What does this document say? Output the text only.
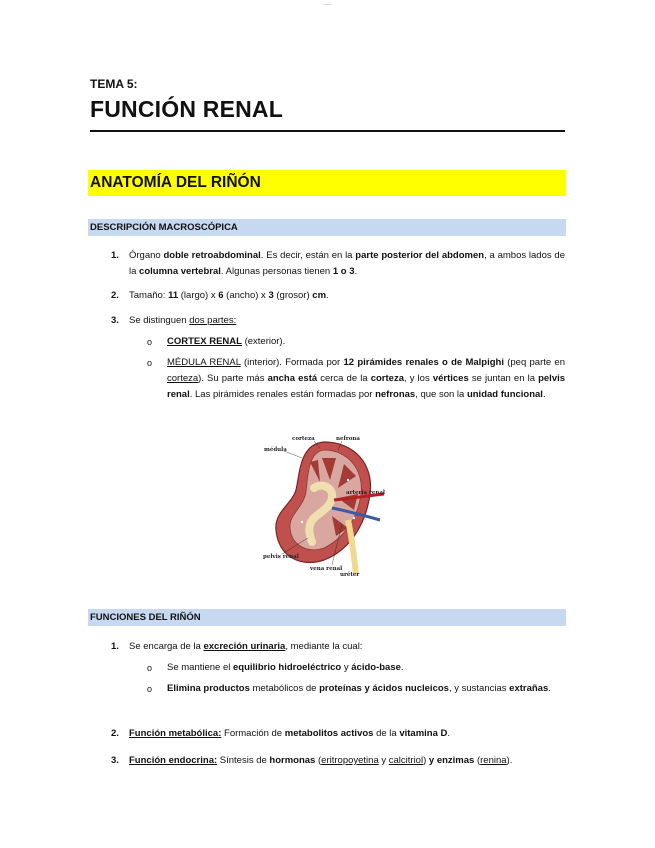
___
TEMA 5:
FUNCIÓN RENAL
ANATOMÍA DEL RIÑÓN
DESCRIPCIÓN MACROSCÓPICA
1. Órgano doble retroabdominal. Es decir, están en la parte posterior del abdomen, a ambos lados de la columna vertebral. Algunas personas tienen 1 o 3.
2. Tamaño: 11 (largo) x 6 (ancho) x 3 (grosor) cm.
3. Se distinguen dos partes:
o CORTEX RENAL (exterior).
o MÉDULA RENAL (interior). Formada por 12 pirámides renales o de Malpighi (peq parte en corteza). Su parte más ancha está cerca de la corteza, y los vértices se juntan en la pelvis renal. Las pirámides renales están formadas por nefronas, que son la unidad funcional.
corteza	nefrona
médula
arteria renal
pelvis renal
vena renal
uréter
FUNCIONES DEL RIÑÓN
1. Se encarga de la excreción urinaria, mediante la cual:
o Se mantiene el equilibrio hidroeléctrico y ácido-base.
o Elimina productos metabólicos de proteínas y ácidos nucleicos, y sustancias extrañas.
2. Función metabólica: Formación de metabolitos activos de la vitamina D.
3. Función endocrina: Síntesis de hormonas (eritropoyetina y calcitriol) y enzimas (renina).
